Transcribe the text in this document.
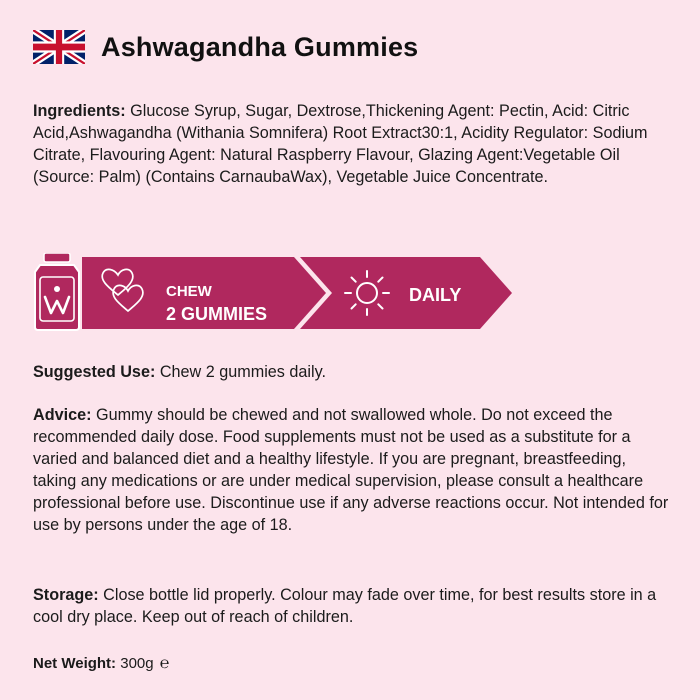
Ashwagandha Gummies

Ingredients: Glucose Syrup, Sugar, Dextrose,Thickening Agent: Pectin, Acid: Citric Acid,Ashwagandha (Withania Somnifera) Root Extract30:1, Acidity Regulator: Sodium Citrate, Flavouring Agent: Natural Raspberry Flavour, Glazing Agent:Vegetable Oil (Source: Palm) (Contains CarnaubaWax), Vegetable Juice Concentrate.

CHEW
2 GUMMIES
DAILY

Suggested Use: Chew 2 gummies daily.

Advice: Gummy should be chewed and not swallowed whole. Do not exceed the recommended daily dose. Food supplements must not be used as a substitute for a varied and balanced diet and a healthy lifestyle. If you are pregnant, breastfeeding, taking any medications or are under medical supervision, please consult a healthcare professional before use. Discontinue use if any adverse reactions occur. Not intended for use by persons under the age of 18.

Storage: Close bottle lid properly. Colour may fade over time, for best results store in a cool dry place. Keep out of reach of children.

Net Weight: 300g ℮
